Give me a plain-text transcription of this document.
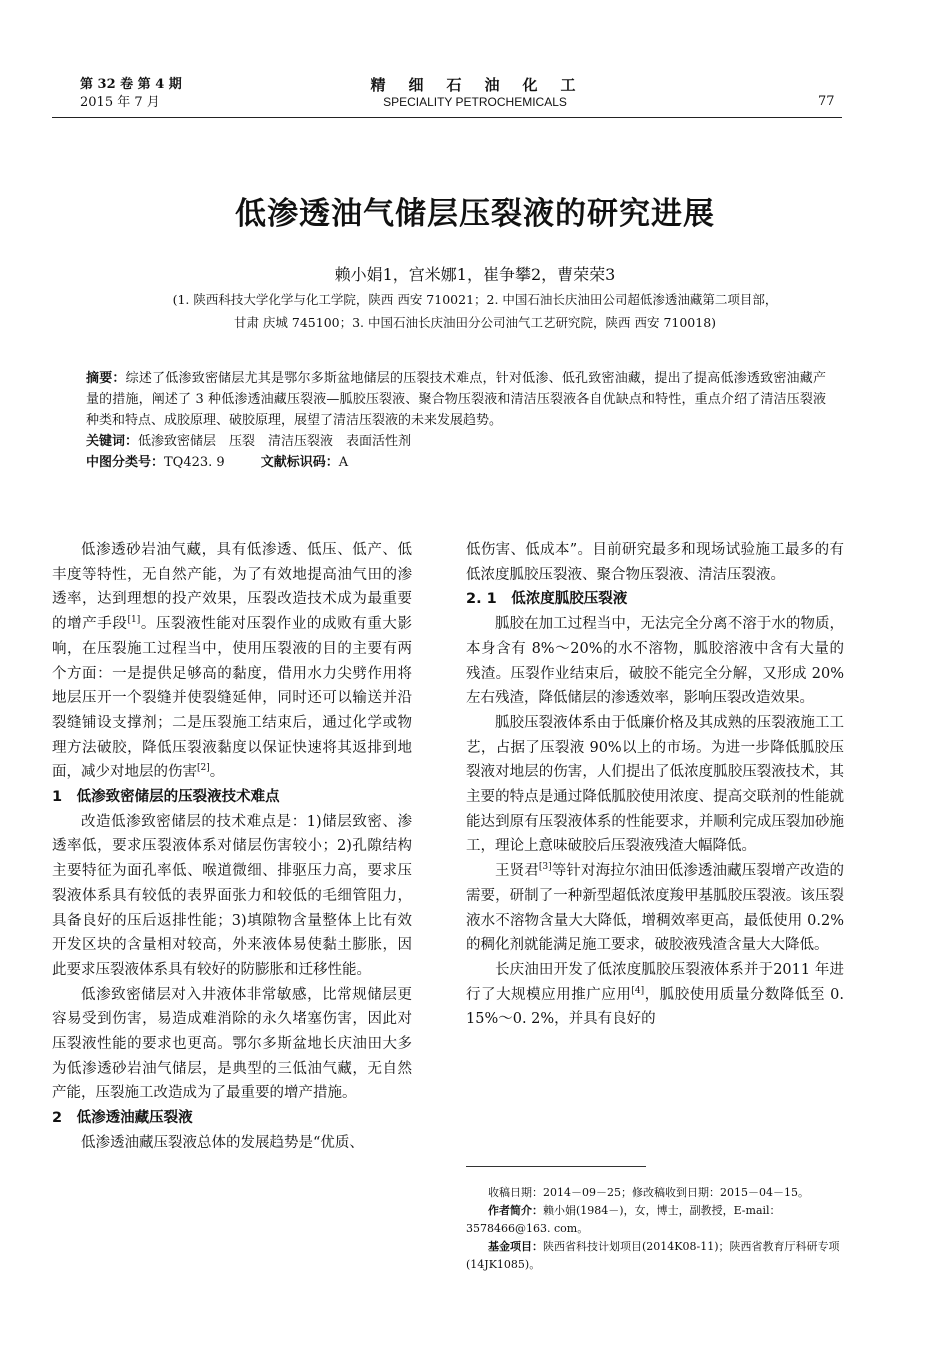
第 32 卷 第 4 期
2015 年 7 月
精　细　石　油　化　工
SPECIALITY PETROCHEMICALS	77
低渗透油气储层压裂液的研究进展
赖小娟1，宫米娜1，崔争攀2，曹荣荣3
(1. 陕西科技大学化学与化工学院，陕西 西安 710021；2. 中国石油长庆油田公司超低渗透油藏第二项目部，
甘肃 庆城 745100；3. 中国石油长庆油田分公司油气工艺研究院，陕西 西安 710018)
摘要：综述了低渗致密储层尤其是鄂尔多斯盆地储层的压裂技术难点，针对低渗、低孔致密油藏，提出了提高低渗透致密油藏产量的措施，阐述了 3 种低渗透油藏压裂液—胍胶压裂液、聚合物压裂液和清洁压裂液各自优缺点和特性，重点介绍了清洁压裂液种类和特点、成胶原理、破胶原理，展望了清洁压裂液的未来发展趋势。
关键词：低渗致密储层　压裂　清洁压裂液　表面活性剂
中图分类号：TQ423. 9	文献标识码：A

低渗透砂岩油气藏，具有低渗透、低压、低产、低丰度等特性，无自然产能，为了有效地提高油气田的渗透率，达到理想的投产效果，压裂改造技术成为最重要的增产手段[1]。压裂液性能对压裂作业的成败有重大影响，在压裂施工过程当中，使用压裂液的目的主要有两个方面：一是提供足够高的黏度，借用水力尖劈作用将地层压开一个裂缝并使裂缝延伸，同时还可以输送并沿裂缝铺设支撑剂；二是压裂施工结束后，通过化学或物理方法破胶，降低压裂液黏度以保证快速将其返排到地面，减少对地层的伤害[2]。

1　低渗致密储层的压裂液技术难点

改造低渗致密储层的技术难点是：1)储层致密、渗透率低，要求压裂液体系对储层伤害较小；2)孔隙结构主要特征为面孔率低、喉道微细、排驱压力高，要求压裂液体系具有较低的表界面张力和较低的毛细管阻力，具备良好的压后返排性能；3)填隙物含量整体上比有效开发区块的含量相对较高，外来液体易使黏土膨胀，因此要求压裂液体系具有较好的防膨胀和迁移性能。

低渗致密储层对入井液体非常敏感，比常规储层更容易受到伤害，易造成难消除的永久堵塞伤害，因此对压裂液性能的要求也更高。鄂尔多斯盆地长庆油田大多为低渗透砂岩油气储层，是典型的三低油气藏，无自然产能，压裂施工改造成为了最重要的增产措施。

2　低渗透油藏压裂液

低渗透油藏压裂液总体的发展趋势是“优质、

低伤害、低成本”。目前研究最多和现场试验施工最多的有低浓度胍胶压裂液、聚合物压裂液、清洁压裂液。

2. 1　低浓度胍胶压裂液

胍胶在加工过程当中，无法完全分离不溶于水的物质，本身含有 8%～20%的水不溶物，胍胶溶液中含有大量的残渣。压裂作业结束后，破胶不能完全分解，又形成 20%左右残渣，降低储层的渗透效率，影响压裂改造效果。

胍胶压裂液体系由于低廉价格及其成熟的压裂液施工工艺，占据了压裂液 90%以上的市场。为进一步降低胍胶压裂液对地层的伤害，人们提出了低浓度胍胶压裂液技术，其主要的特点是通过降低胍胶使用浓度、提高交联剂的性能就能达到原有压裂液体系的性能要求，并顺利完成压裂加砂施工，理论上意味破胶后压裂液残渣大幅降低。

王贤君[3]等针对海拉尔油田低渗透油藏压裂增产改造的需要，研制了一种新型超低浓度羧甲基胍胶压裂液。该压裂液水不溶物含量大大降低，增稠效率更高，最低使用 0.2%的稠化剂就能满足施工要求，破胶液残渣含量大大降低。

长庆油田开发了低浓度胍胶压裂液体系并于2011 年进行了大规模应用推广应用[4]，胍胶使用质量分数降低至 0. 15%～0. 2%，并具有良好的

收稿日期：2014－09－25；修改稿收到日期：2015－04－15。
作者简介：赖小娟(1984－)，女，博士，副教授，E-mail：3578466@163. com。
基金项目：陕西省科技计划项目(2014K08-11)；陕西省教育厅科研专项(14JK1085)。
